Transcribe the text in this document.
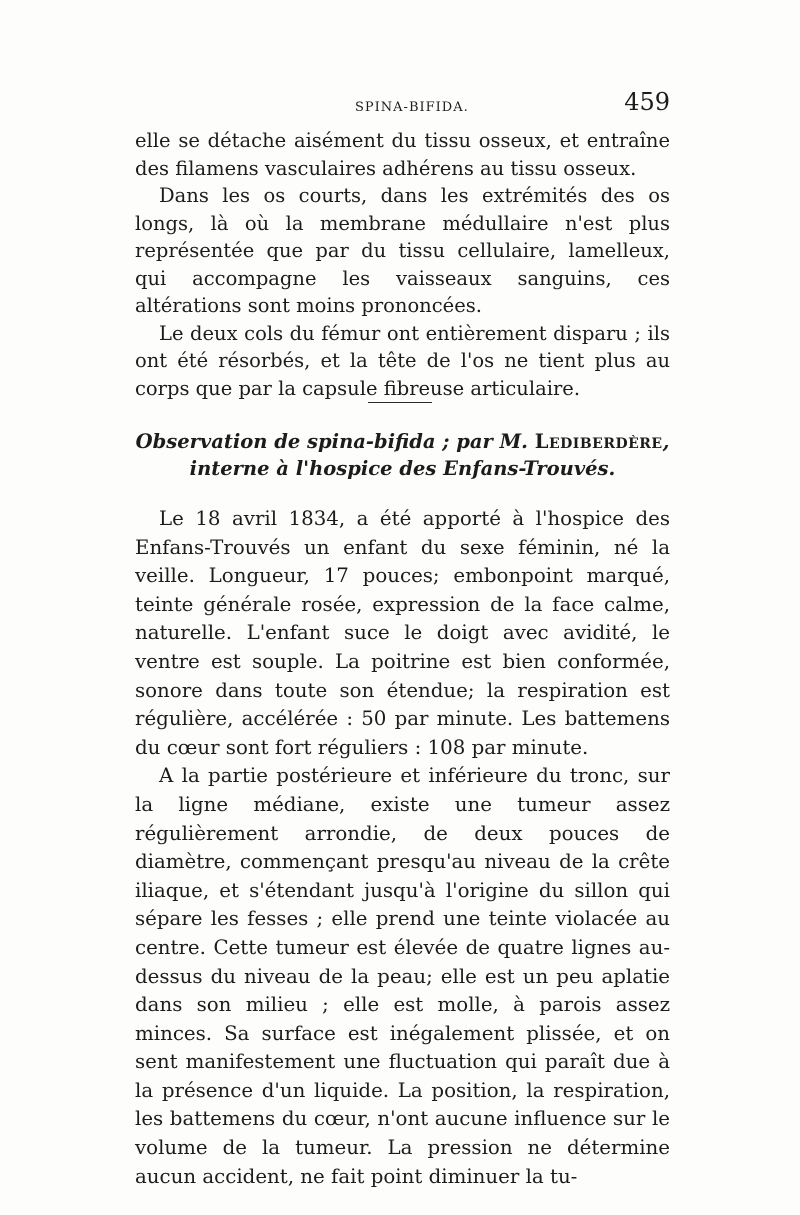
SPINA-BIFIDA.	459

elle se détache aisément du tissu osseux, et entraîne des filamens vasculaires adhérens au tissu osseux.

Dans les os courts, dans les extrémités des os longs, là où la membrane médullaire n'est plus représentée que par du tissu cellulaire, lamelleux, qui accompagne les vaisseaux sanguins, ces altérations sont moins prononcées.

Le deux cols du fémur ont entièrement disparu ; ils ont été résorbés, et la tête de l'os ne tient plus au corps que par la capsule fibreuse articulaire.

Observation de spina-bifida ; par M. Lediberdère,
interne à l'hospice des Enfans-Trouvés.

Le 18 avril 1834, a été apporté à l'hospice des Enfans-Trouvés un enfant du sexe féminin, né la veille. Longueur, 17 pouces; embonpoint marqué, teinte générale rosée, expression de la face calme, naturelle. L'enfant suce le doigt avec avidité, le ventre est souple. La poitrine est bien conformée, sonore dans toute son étendue; la respiration est régulière, accélérée : 50 par minute. Les battemens du cœur sont fort réguliers : 108 par minute.

A la partie postérieure et inférieure du tronc, sur la ligne médiane, existe une tumeur assez régulièrement arrondie, de deux pouces de diamètre, commençant presqu'au niveau de la crête iliaque, et s'étendant jusqu'à l'origine du sillon qui sépare les fesses ; elle prend une teinte violacée au centre. Cette tumeur est élevée de quatre lignes au-dessus du niveau de la peau; elle est un peu aplatie dans son milieu ; elle est molle, à parois assez minces. Sa surface est inégalement plissée, et on sent manifestement une fluctuation qui paraît due à la présence d'un liquide. La position, la respiration, les battemens du cœur, n'ont aucune influence sur le volume de la tumeur. La pression ne détermine aucun accident, ne fait point diminuer la tu-
